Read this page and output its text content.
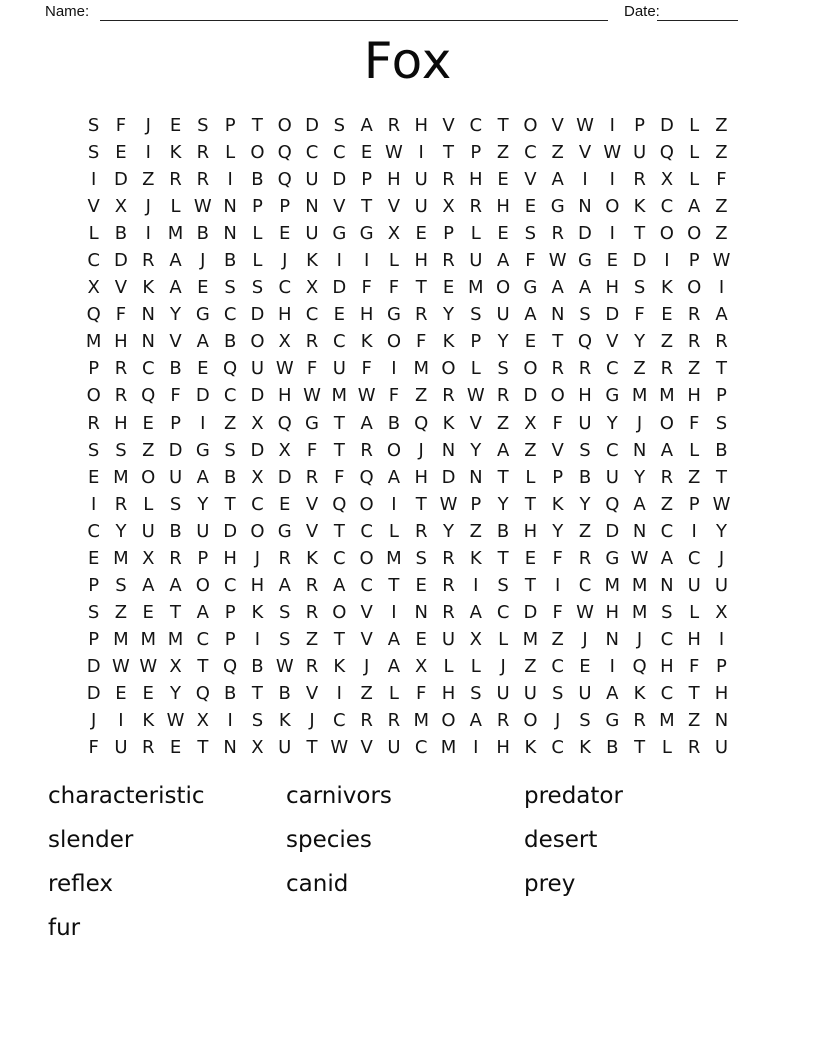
Name:	Date:
Fox
S F	J	E S P T O D S A R H V C T O V W I	P D L Z
S E	I	K R L O Q C C E W I	T P Z C Z V W U Q L Z
I D Z R R	I	B Q U D P H U R H E V A	I	I	R X L F
V X	J	L W N P P N V T V U X R H E G N O K C A Z
L B	I M B N L E U G G X E P L E S R D I	T O O Z
C D R A	J	B L	J	K	I	I	L H R U A F W G E D I	P W
X V K A E S S C X D F F T E M O G A A H S K O I
Q F N Y G C D H C E H G R Y S U A N S D F E R A
M H N V A B O X R C K O F K P Y E T Q V Y Z R R
P R C B E Q U W F U F	I M O L S O R R C Z R Z T
O R Q F D C D H W M W F Z R W R D O H G M M H P
R H E P	I	Z X Q G T A B Q K V Z X F U Y	J O F S
S S Z D G S D X F T R O J N Y A Z V S C N A L B
E M O U A B X D R F Q A H D N T L P B U Y R Z T
I	R L S Y T C E V Q O I	T W P Y T K Y Q A Z P W
C Y U B U D O G V T C L R Y Z B H Y Z D N C	I	Y
E M X R P H J	R K C O M S R K T E F R G W A C	J
P S A A O C H A R A C T E R	I	S T	I	C M M N U U
S Z E T A P K S R O V	I N R A C D F W H M S L X
P M M M C P	I	S Z T V A E U X L M Z	J N J	C H I
D W W X T Q B W R K	J	A X L L	J	Z C E	I Q H F P
D E E Y Q B T B V	I	Z L F H S U U S U A K C T H
J	I	K W X	I	S K	J	C R R M O A R O J	S G R M Z N
F U R E T N X U T W V U C M I H K C K B T L R U
characteristic
slender
reflex
fur
carnivors
species
canid
predator
desert
prey
